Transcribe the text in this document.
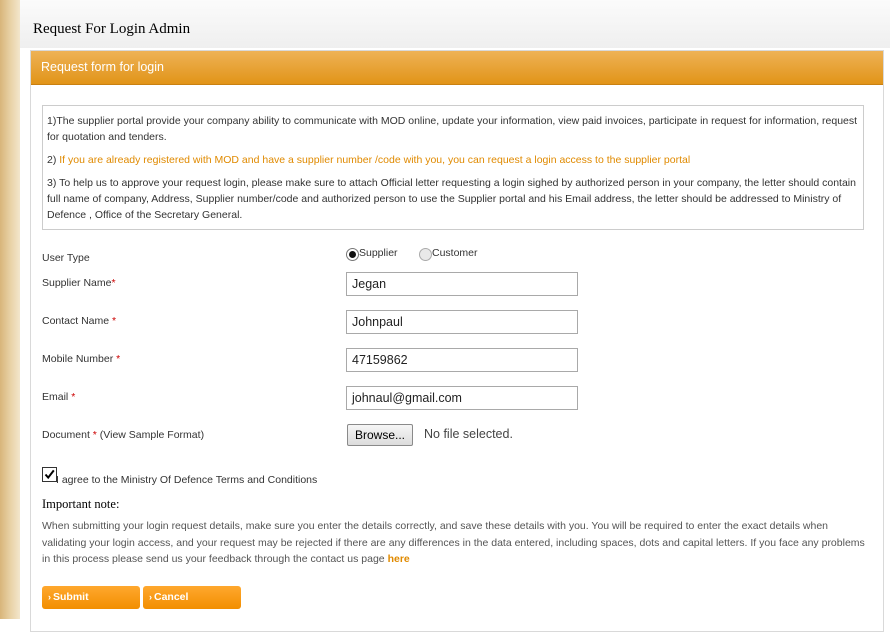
Request For Login Admin
Request form for login

1)The supplier portal provide your company ability to communicate with MOD online, update your information, view paid invoices, participate in request for information, request for quotation and tenders.

2) If you are already registered with MOD and have a supplier number /code with you, you can request a login access to the supplier portal

3) To help us to approve your request login, please make sure to attach Official letter requesting a login sighed by authorized person in your company, the letter should contain full name of company, Address, Supplier number/code and authorized person to use the Supplier portal and his Email address, the letter should be addressed to Ministry of Defence , Office of the Secretary General.

User Type	Supplier	Customer
Supplier Name*	Jegan
Contact Name *	Johnpaul
Mobile Number *	47159862
Email *	johnaul@gmail.com
Document * (View Sample Format)	Browse...	No file selected.
I agree to the Ministry Of Defence Terms and Conditions
Important note:
When submitting your login request details, make sure you enter the details correctly, and save these details with you. You will be required to enter the exact details when validating your login access, and your request may be rejected if there are any differences in the data entered, including spaces, dots and capital letters. If you face any problems in this process please send us your feedback through the contact us page here
› Submit	› Cancel
